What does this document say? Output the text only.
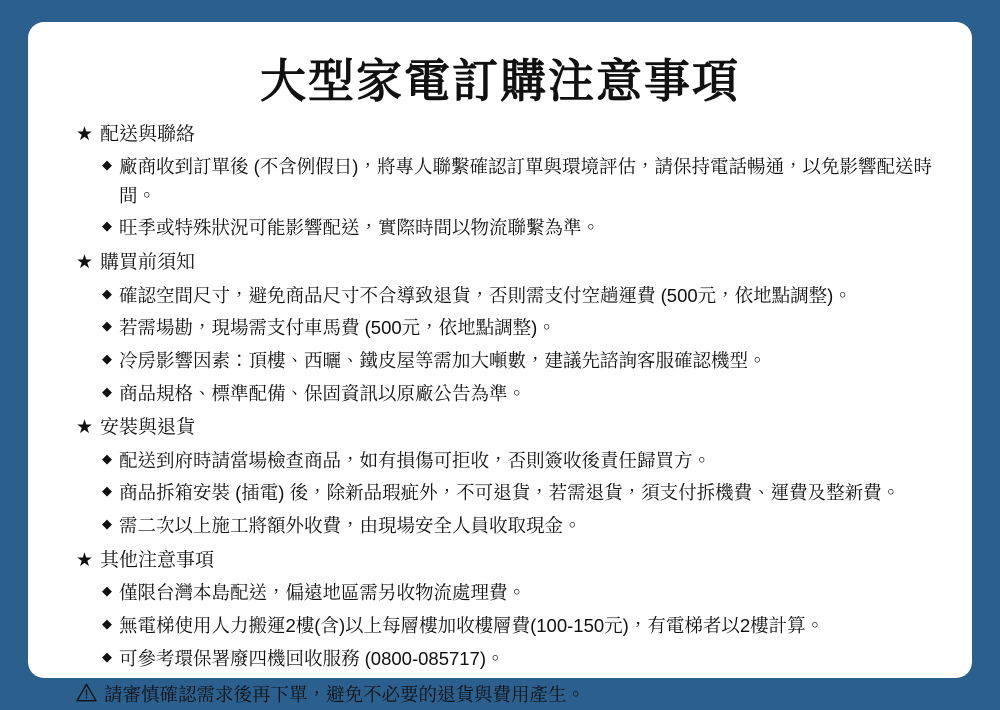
大型家電訂購注意事項
★ 配送與聯絡
◆ 廠商收到訂單後 (不含例假日)，將專人聯繫確認訂單與環境評估，請保持電話暢通，以免影響配送時間。
◆ 旺季或特殊狀況可能影響配送，實際時間以物流聯繫為準。
★ 購買前須知
◆ 確認空間尺寸，避免商品尺寸不合導致退貨，否則需支付空趟運費 (500元，依地點調整)。
◆ 若需場勘，現場需支付車馬費 (500元，依地點調整)。
◆ 冷房影響因素：頂樓、西曬、鐵皮屋等需加大噸數，建議先諮詢客服確認機型。
◆ 商品規格、標準配備、保固資訊以原廠公告為準。
★ 安裝與退貨
◆ 配送到府時請當場檢查商品，如有損傷可拒收，否則簽收後責任歸買方。
◆ 商品拆箱安裝 (插電) 後，除新品瑕疵外，不可退貨，若需退貨，須支付拆機費、運費及整新費。
◆ 需二次以上施工將額外收費，由現場安全人員收取現金。
★ 其他注意事項
◆ 僅限台灣本島配送，偏遠地區需另收物流處理費。
◆ 無電梯使用人力搬運2樓(含)以上每層樓加收樓層費(100-150元)，有電梯者以2樓計算。
◆ 可參考環保署廢四機回收服務 (0800-085717)。
請審慎確認需求後再下單，避免不必要的退貨與費用產生。
